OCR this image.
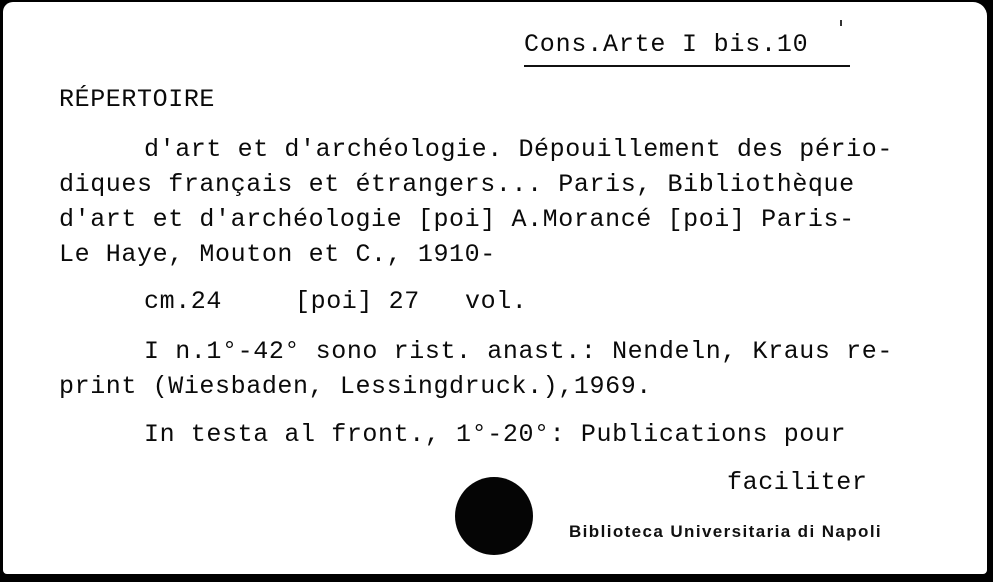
Cons.Arte I bis.10
RÉPERTOIRE
d'art et d'archéologie. Dépouillement des pério-
diques français et étrangers... Paris, Bibliothèque
d'art et d'archéologie [poi] A.Morancé [poi] Paris-
Le Haye, Mouton et C., 1910-
cm.24	[poi] 27 vol.
I n.1°-42° sono rist. anast.: Nendeln, Kraus re-
print (Wiesbaden, Lessingdruck.),1969.
In testa al front., 1°-20°: Publications pour
faciliter
Biblioteca Universitaria di Napoli
